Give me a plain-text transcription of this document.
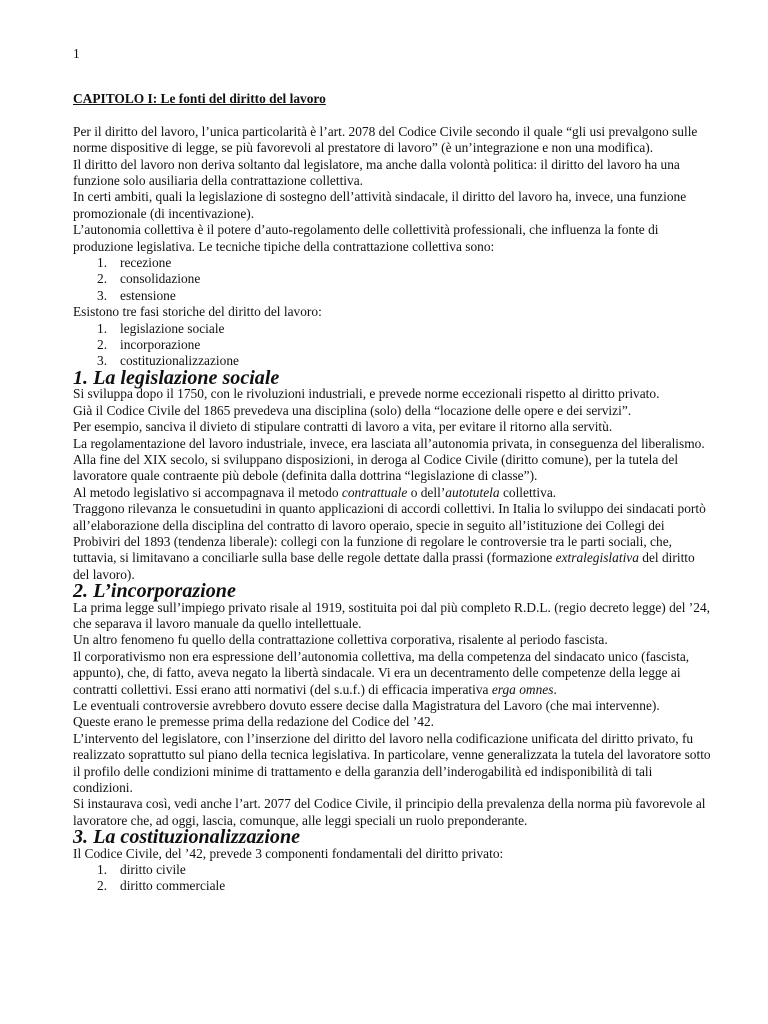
1

CAPITOLO I: Le fonti del diritto del lavoro

Per il diritto del lavoro, l’unica particolarità è l’art. 2078 del Codice Civile secondo il quale “gli usi prevalgono sulle norme dispositive di legge, se più favorevoli al prestatore di lavoro” (è un’integrazione e non una modifica).

Il diritto del lavoro non deriva soltanto dal legislatore, ma anche dalla volontà politica: il diritto del lavoro ha una funzione solo ausiliaria della contrattazione collettiva.

In certi ambiti, quali la legislazione di sostegno dell’attività sindacale, il diritto del lavoro ha, invece, una funzione promozionale (di incentivazione).

L’autonomia collettiva è il potere d’auto-regolamento delle collettività professionali, che influenza la fonte di produzione legislativa. Le tecniche tipiche della contrattazione collettiva sono:

1. recezione
2. consolidazione
3. estensione

Esistono tre fasi storiche del diritto del lavoro:

1. legislazione sociale
2. incorporazione
3. costituzionalizzazione
1. La legislazione sociale

Si sviluppa dopo il 1750, con le rivoluzioni industriali, e prevede norme eccezionali rispetto al diritto privato.

Già il Codice Civile del 1865 prevedeva una disciplina (solo) della “locazione delle opere e dei servizi”.

Per esempio, sanciva il divieto di stipulare contratti di lavoro a vita, per evitare il ritorno alla servitù.

La regolamentazione del lavoro industriale, invece, era lasciata all’autonomia privata, in conseguenza del liberalismo.

Alla fine del XIX secolo, si sviluppano disposizioni, in deroga al Codice Civile (diritto comune), per la tutela del lavoratore quale contraente più debole (definita dalla dottrina “legislazione di classe”).

Al metodo legislativo si accompagnava il metodo contrattuale o dell’autotutela collettiva.

Traggono rilevanza le consuetudini in quanto applicazioni di accordi collettivi. In Italia lo sviluppo dei sindacati portò all’elaborazione della disciplina del contratto di lavoro operaio, specie in seguito all’istituzione dei Collegi dei Probiviri del 1893 (tendenza liberale): collegi con la funzione di regolare le controversie tra le parti sociali, che, tuttavia, si limitavano a conciliarle sulla base delle regole dettate dalla prassi (formazione extralegislativa del diritto del lavoro).

2. L’incorporazione

La prima legge sull’impiego privato risale al 1919, sostituita poi dal più completo R.D.L. (regio decreto legge) del ’24, che separava il lavoro manuale da quello intellettuale.

Un altro fenomeno fu quello della contrattazione collettiva corporativa, risalente al periodo fascista.

Il corporativismo non era espressione dell’autonomia collettiva, ma della competenza del sindacato unico (fascista, appunto), che, di fatto, aveva negato la libertà sindacale. Vi era un decentramento delle competenze della legge ai contratti collettivi. Essi erano atti normativi (del s.u.f.) di efficacia imperativa erga omnes.

Le eventuali controversie avrebbero dovuto essere decise dalla Magistratura del Lavoro (che mai intervenne).

Queste erano le premesse prima della redazione del Codice del ’42.

L’intervento del legislatore, con l’inserzione del diritto del lavoro nella codificazione unificata del diritto privato, fu realizzato soprattutto sul piano della tecnica legislativa. In particolare, venne generalizzata la tutela del lavoratore sotto il profilo delle condizioni minime di trattamento e della garanzia dell’inderogabilità ed indisponibilità di tali condizioni.

Si instaurava così, vedi anche l’art. 2077 del Codice Civile, il principio della prevalenza della norma più favorevole al lavoratore che, ad oggi, lascia, comunque, alle leggi speciali un ruolo preponderante.

3. La costituzionalizzazione

Il Codice Civile, del ’42, prevede 3 componenti fondamentali del diritto privato:

1. diritto civile
2. diritto commerciale
